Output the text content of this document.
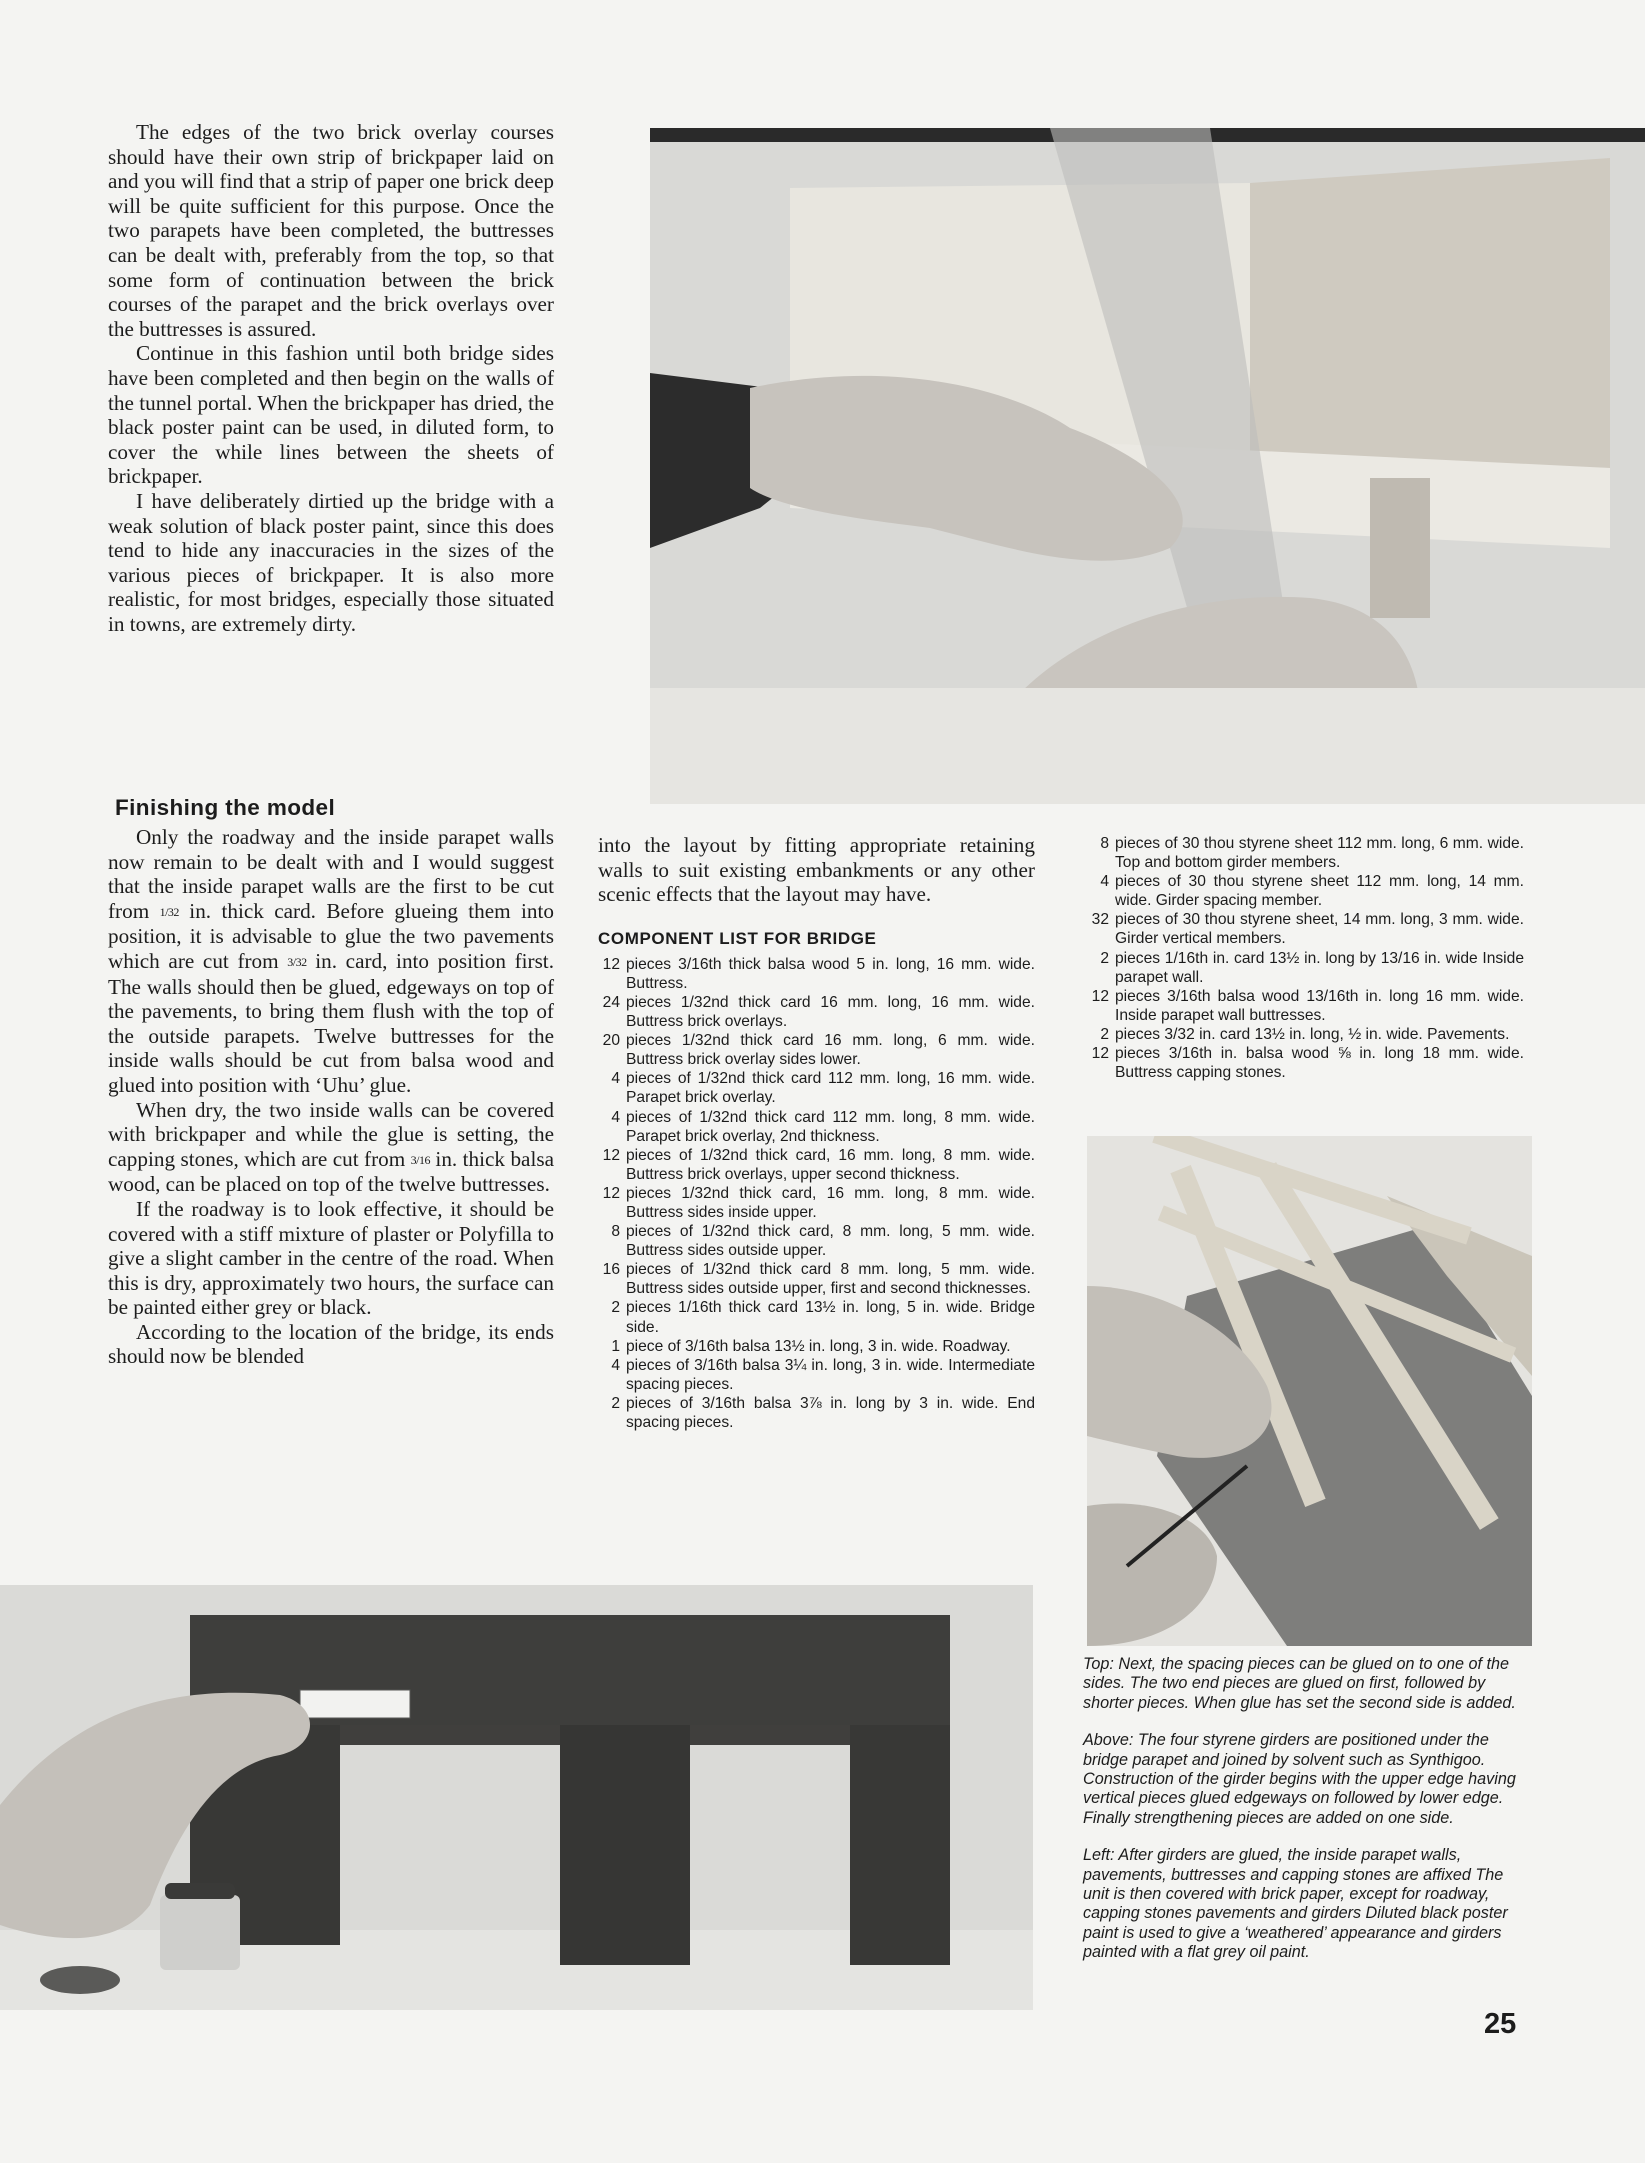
The edges of the two brick overlay courses should have their own strip of brickpaper laid on and you will find that a strip of paper one brick deep will be quite sufficient for this purpose. Once the two parapets have been completed, the buttresses can be dealt with, preferably from the top, so that some form of continuation between the brick courses of the parapet and the brick overlays over the buttresses is assured.

Continue in this fashion until both bridge sides have been completed and then begin on the walls of the tunnel portal. When the brickpaper has dried, the black poster paint can be used, in diluted form, to cover the while lines between the sheets of brickpaper.

I have deliberately dirtied up the bridge with a weak solution of black poster paint, since this does tend to hide any inaccuracies in the sizes of the various pieces of brickpaper. It is also more realistic, for most bridges, especially those situated in towns, are extremely dirty.

Finishing the model

Only the roadway and the inside parapet walls now remain to be dealt with and I would suggest that the inside parapet walls are the first to be cut from 1/32 in. thick card. Before glueing them into position, it is advisable to glue the two pavements which are cut from 3/32 in. card, into position first. The walls should then be glued, edgeways on top of the pavements, to bring them flush with the top of the outside parapets. Twelve buttresses for the inside walls should be cut from balsa wood and glued into position with ‘Uhu’ glue.

When dry, the two inside walls can be covered with brickpaper and while the glue is setting, the capping stones, which are cut from 3/16 in. thick balsa wood, can be placed on top of the twelve buttresses.

If the roadway is to look effective, it should be covered with a stiff mixture of plaster or Polyfilla to give a slight camber in the centre of the road. When this is dry, approximately two hours, the surface can be painted either grey or black.

According to the location of the bridge, its ends should now be blended

into the layout by fitting appropriate retaining walls to suit existing embankments or any other scenic effects that the layout may have.
COMPONENT LIST FOR BRIDGE
12 pieces 3/16th thick balsa wood 5 in. long, 16 mm. wide. Buttress.
24 pieces 1/32nd thick card 16 mm. long, 16 mm. wide. Buttress brick overlays.
20 pieces 1/32nd thick card 16 mm. long, 6 mm. wide. Buttress brick overlay sides lower.
4 pieces of 1/32nd thick card 112 mm. long, 16 mm. wide. Parapet brick overlay.
4 pieces of 1/32nd thick card 112 mm. long, 8 mm. wide. Parapet brick overlay, 2nd thickness.
12 pieces of 1/32nd thick card, 16 mm. long, 8 mm. wide. Buttress brick overlays, upper second thickness.
12 pieces 1/32nd thick card, 16 mm. long, 8 mm. wide. Buttress sides inside upper.
8 pieces of 1/32nd thick card, 8 mm. long, 5 mm. wide. Buttress sides outside upper.
16 pieces of 1/32nd thick card 8 mm. long, 5 mm. wide. Buttress sides outside upper, first and second thicknesses.
2 pieces 1/16th thick card 13½ in. long, 5 in. wide. Bridge side.
1 piece of 3/16th balsa 13½ in. long, 3 in. wide. Roadway.
4 pieces of 3/16th balsa 3¼ in. long, 3 in. wide. Intermediate spacing pieces.
2 pieces of 3/16th balsa 3⅞ in. long by 3 in. wide. End spacing pieces.
8 pieces of 30 thou styrene sheet 112 mm. long, 6 mm. wide. Top and bottom girder members.
4 pieces of 30 thou styrene sheet 112 mm. long, 14 mm. wide. Girder spacing member.
32 pieces of 30 thou styrene sheet, 14 mm. long, 3 mm. wide. Girder vertical members.
2 pieces 1/16th in. card 13½ in. long by 13/16 in. wide Inside parapet wall.
12 pieces 3/16th balsa wood 13/16th in. long 16 mm. wide. Inside parapet wall buttresses.
2 pieces 3/32 in. card 13½ in. long, ½ in. wide. Pavements.
12 pieces 3/16th in. balsa wood ⅝ in. long 18 mm. wide. Buttress capping stones.

Top: Next, the spacing pieces can be glued on to one of the sides. The two end pieces are glued on first, followed by shorter pieces. When glue has set the second side is added.

Above: The four styrene girders are positioned under the bridge parapet and joined by solvent such as Synthigoo. Construction of the girder begins with the upper edge having vertical pieces glued edgeways on followed by lower edge. Finally strengthening pieces are added on one side.

Left: After girders are glued, the inside parapet walls, pavements, buttresses and capping stones are affixed The unit is then covered with brick paper, except for roadway, capping stones pavements and girders Diluted black poster paint is used to give a ‘weathered’ appearance and girders painted with a flat grey oil paint.

25
